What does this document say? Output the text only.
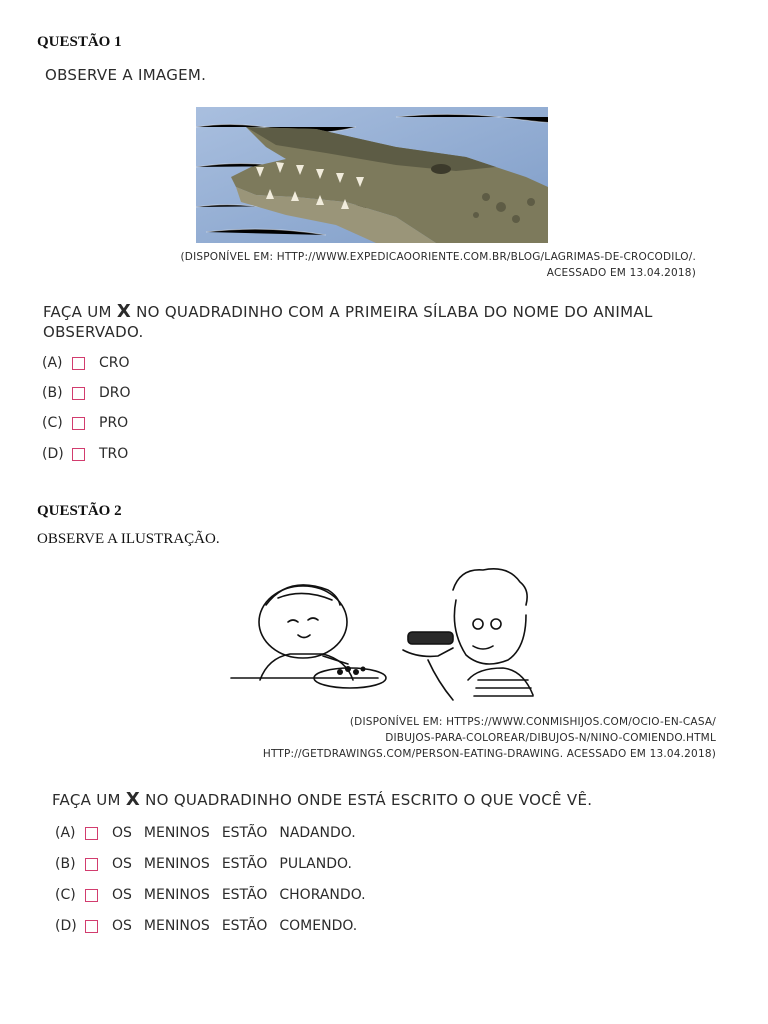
QUESTÃO 1
OBSERVE A IMAGEM.
(DISPONÍVEL EM: HTTP://WWW.EXPEDICAOORIENTE.COM.BR/BLOG/LAGRIMAS-DE-CROCODILO/.
ACESSADO EM 13.04.2018)
FAÇA UM X NO QUADRADINHO COM A PRIMEIRA SÍLABA DO NOME DO ANIMAL
OBSERVADO.
(A)	CRO
(B)	DRO
(C)	PRO
(D)	TRO
QUESTÃO 2
OBSERVE A ILUSTRAÇÃO.
(DISPONÍVEL EM: HTTPS://WWW.CONMISHIJOS.COM/OCIO-EN-CASA/
DIBUJOS-PARA-COLOREAR/DIBUJOS-N/NINO-COMIENDO.HTML
HTTP://GETDRAWINGS.COM/PERSON-EATING-DRAWING. ACESSADO EM 13.04.2018)
FAÇA UM X NO QUADRADINHO ONDE ESTÁ ESCRITO O QUE VOCÊ VÊ.
(A)	OS MENINOS ESTÃO NADANDO.
(B)	OS MENINOS ESTÃO PULANDO.
(C)	OS MENINOS ESTÃO CHORANDO.
(D)	OS MENINOS ESTÃO COMENDO.
